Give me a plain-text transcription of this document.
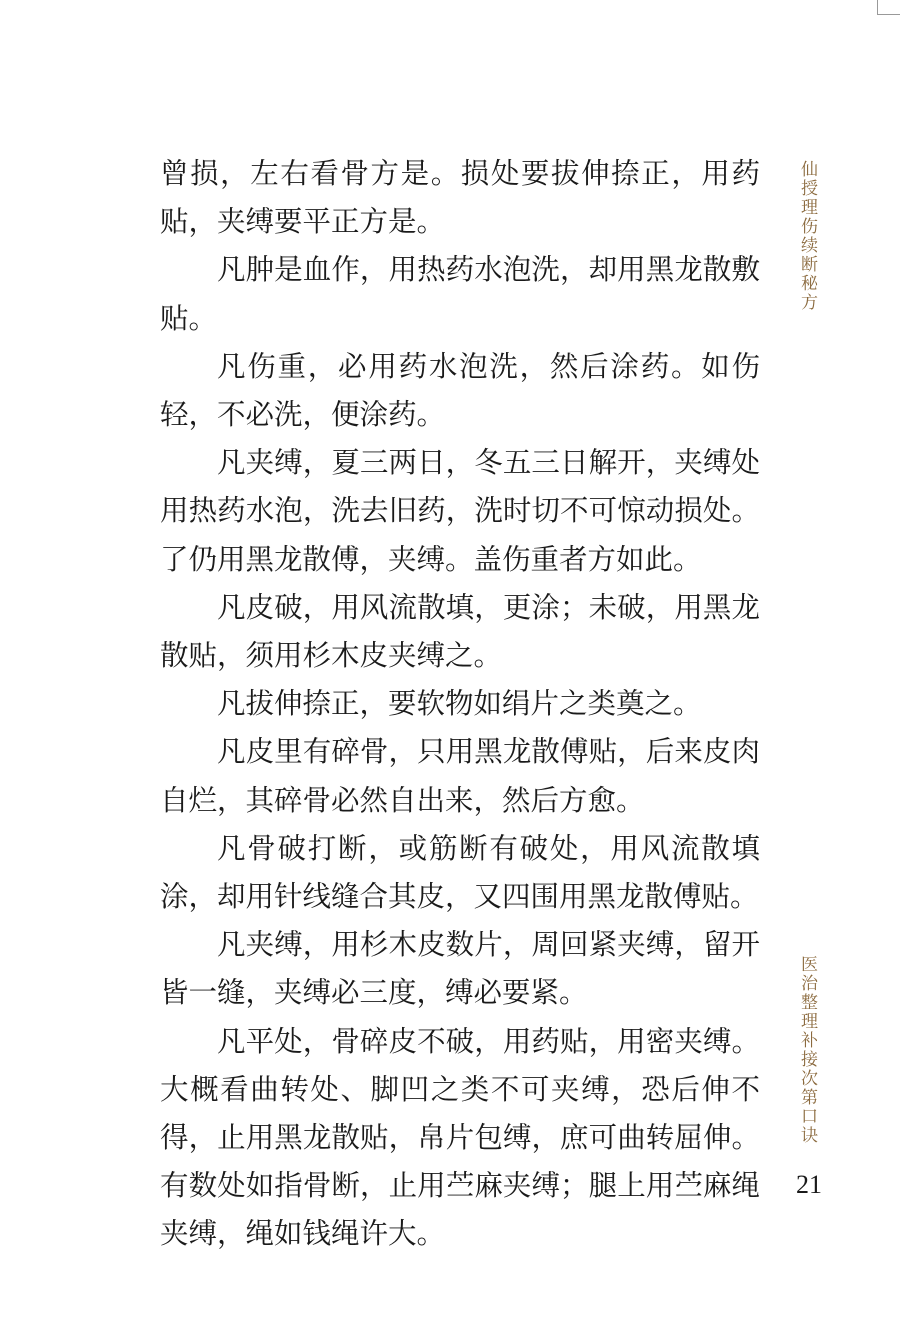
曾损，左右看骨方是。损处要拔伸捺正，用药贴，夹缚要平正方是。

凡肿是血作，用热药水泡洗，却用黑龙散敷贴。

凡伤重，必用药水泡洗，然后涂药。如伤轻，不必洗，便涂药。

凡夹缚，夏三两日，冬五三日解开，夹缚处用热药水泡，洗去旧药，洗时切不可惊动损处。了仍用黑龙散傅，夹缚。盖伤重者方如此。

凡皮破，用风流散填，更涂；未破，用黑龙散贴，须用杉木皮夹缚之。

凡拔伸捺正，要软物如绢片之类奠之。

凡皮里有碎骨，只用黑龙散傅贴，后来皮肉自烂，其碎骨必然自出来，然后方愈。

凡骨破打断，或筋断有破处，用风流散填涂，却用针线缝合其皮，又四围用黑龙散傅贴。

凡夹缚，用杉木皮数片，周回紧夹缚，留开皆一缝，夹缚必三度，缚必要紧。

凡平处，骨碎皮不破，用药贴，用密夹缚。大概看曲转处、脚凹之类不可夹缚，恐后伸不得，止用黑龙散贴，帛片包缚，庶可曲转屈伸。有数处如指骨断，止用苎麻夹缚；腿上用苎麻绳夹缚，绳如钱绳许大。

仙授理伤续断秘方
医治整理补接次第口诀
21
